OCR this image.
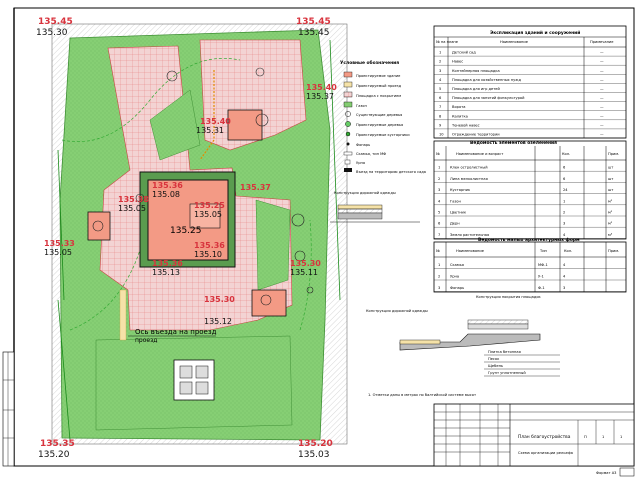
Ось въезда на проезд
проезд
135.45
135.30
135.45
135.45
135.35
135.20
135.20
135.03
135.40
135.37
135.40
135.31
135.36
135.08
135.38
135.05	135.25
135.05
135.36
135.10
135.36
135.13
135.33
135.05
135.30
135.11
135.30
135.12
135.37
135.25
Условные обозначения
Проектируемое здание
Проектируемый проезд
Площадка с покрытием
Газон
Существующие деревья
Проектируемые деревья
Проектируемые кустарники
Фонарь
Скамья, тип МФ
Урна
Въезд на территорию детского сада
Экспликация зданий и сооружений
№ на плане	Наименование	Примечание
1	Детский сад	—
2	Навес	—
3	Контейнерная площадка	—
4	Площадка для хозяйственных нужд	—
5	Площадка для игр детей	—
6	Площадка для занятий физкультурой	—
7	Ворота	—
8	Калитка	—
9	Теневой навес	—
10 Ограждение территории	—
Ведомость элементов озеленения
№	Наименование и возраст	Кол.	Прим.
1	Клен остролистный	6	шт
2	Липа мелколистная	6	шт
3	Кустарник	24	шт
4	Газон	1	м²
5	Цветник	2	м²
6	Дерн	3	м²
7	Земля растительная	4	м³
Ведомость малых архитектурных форм
№	Наименование	Тип	Кол.	Прим.
1	Скамья	МФ-1	4
2	Урна	У-1	4
3	Фонарь	Ф-1	3
Конструкция дорожной одежды
Конструкция покрытия площадок
Конструкция дорожной одежды
Плитка бетонная
Песок
Щебень
Грунт уплотненный
1. Отметки даны в метрах по балтийской системе высот
План благоустройства
Схема организации рельефа
П	1	1
Формат А3
